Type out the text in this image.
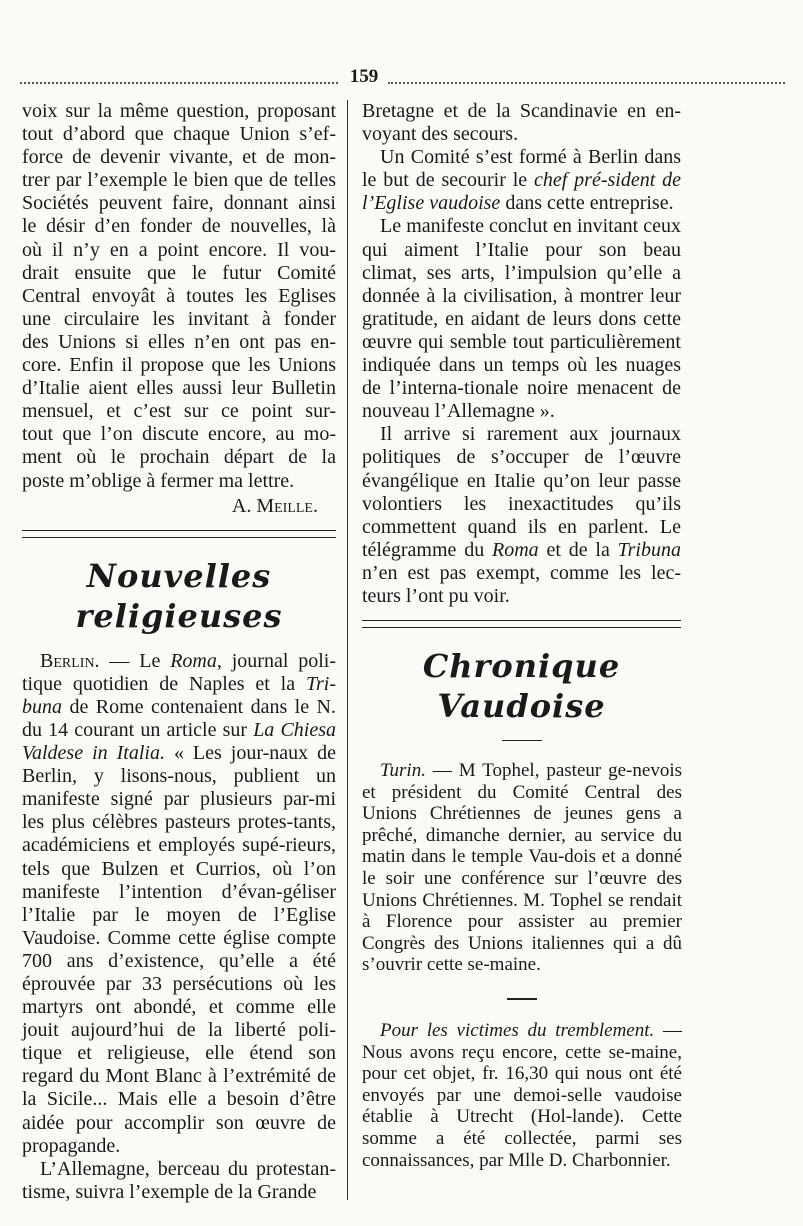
159
voix sur la même question, proposant
tout d’abord que chaque Union s’ef-
force de devenir vivante, et de mon-
trer par l’exemple le bien que de telles
Sociétés peuvent faire, donnant ainsi
le désir d’en fonder de nouvelles, là
où il n’y en a point encore. Il vou-
drait ensuite que le futur Comité
Central envoyât à toutes les Eglises
une circulaire les invitant à fonder
des Unions si elles n’en ont pas en-
core. Enfin il propose que les Unions
d’Italie aient elles aussi leur Bulletin
mensuel, et c’est sur ce point sur-
tout que l’on discute encore, au mo-
ment où le prochain départ de la
poste m’oblige à fermer ma lettre.

A. Meille.

Nouvelles religieuses

Berlin. — Le Roma, journal poli-tique quotidien de Naples et la Tri-buna de Rome contenaient dans le N. du 14 courant un article sur La Chiesa Valdese in Italia. « Les jour-naux de Berlin, y lisons-nous, publient un manifeste signé par plusieurs par-mi les plus célèbres pasteurs protes-tants, académiciens et employés supé-rieurs, tels que Bulzen et Currios, où l’on manifeste l’intention d’évan-géliser l’Italie par le moyen de l’Eglise Vaudoise. Comme cette église compte 700 ans d’existence, qu’elle a été éprouvée par 33 persécutions où les martyrs ont abondé, et comme elle jouit aujourd’hui de la liberté poli-tique et religieuse, elle étend son regard du Mont Blanc à l’extrémité de la Sicile... Mais elle a besoin d’être aidée pour accomplir son œuvre de propagande.

L’Allemagne, berceau du protestan-tisme, suivra l’exemple de la Grande

Bretagne et de la Scandinavie en en-voyant des secours.

Un Comité s’est formé à Berlin dans le but de secourir le chef pré-sident de l’Eglise vaudoise dans cette entreprise.

Le manifeste conclut en invitant ceux qui aiment l’Italie pour son beau climat, ses arts, l’impulsion qu’elle a donnée à la civilisation, à montrer leur gratitude, en aidant de leurs dons cette œuvre qui semble tout particulièrement indiquée dans un temps où les nuages de l’interna-tionale noire menacent de nouveau l’Allemagne ».

Il arrive si rarement aux journaux politiques de s’occuper de l’œuvre évangélique en Italie qu’on leur passe volontiers les inexactitudes qu’ils commettent quand ils en parlent. Le télégramme du Roma et de la Tribuna n’en est pas exempt, comme les lec-teurs l’ont pu voir.

Chronique Vaudoise

Turin. — M Tophel, pasteur ge-nevois et président du Comité Central des Unions Chrétiennes de jeunes gens a prêché, dimanche dernier, au service du matin dans le temple Vau-dois et a donné le soir une conférence sur l’œuvre des Unions Chrétiennes. M. Tophel se rendait à Florence pour assister au premier Congrès des Unions italiennes qui a dû s’ouvrir cette se-maine.

Pour les victimes du tremblement. — Nous avons reçu encore, cette se-maine, pour cet objet, fr. 16,30 qui nous ont été envoyés par une demoi-selle vaudoise établie à Utrecht (Hol-lande). Cette somme a été collectée, parmi ses connaissances, par Mlle D. Charbonnier.
